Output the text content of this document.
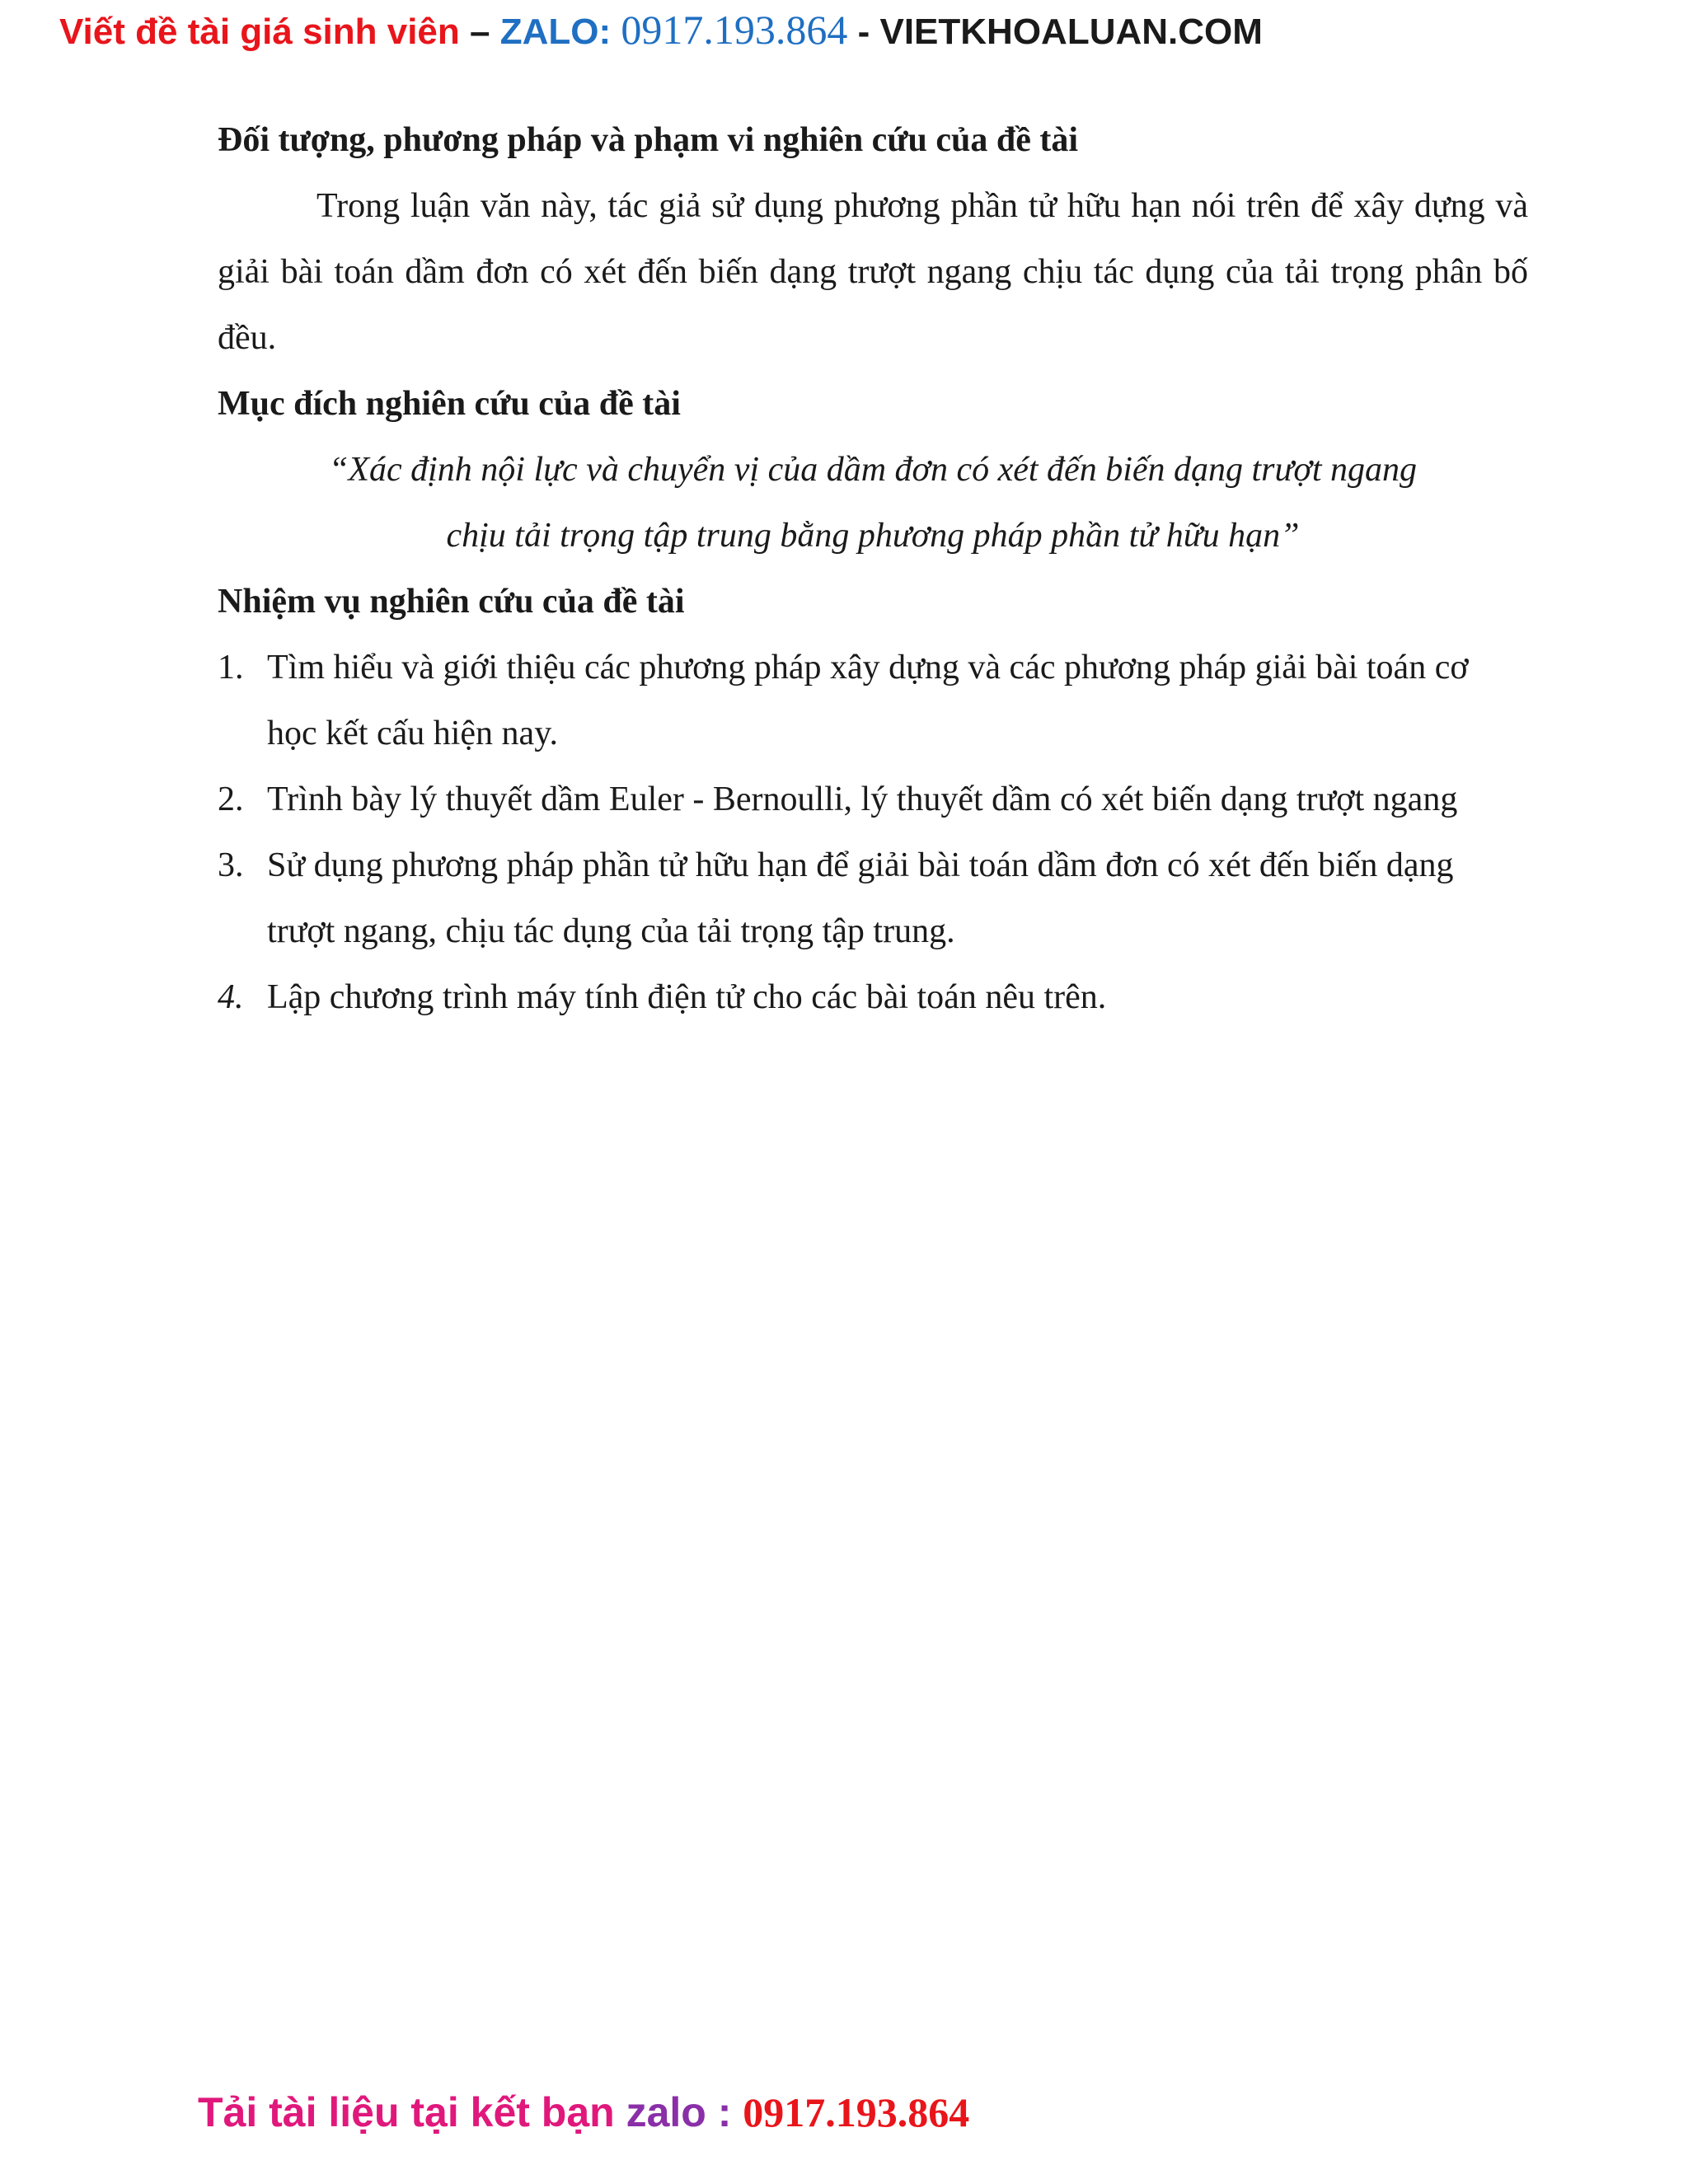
Viết đề tài giá sinh viên – ZALO: 0917.193.864 - VIETKHOALUAN.COM
Đối tượng, phương pháp và phạm vi nghiên cứu của đề tài
Trong luận văn này, tác giả sử dụng phương phần tử hữu hạn nói trên để xây dựng và giải bài toán dầm đơn có xét đến biến dạng trượt ngang chịu tác dụng của tải trọng phân bố đều.
Mục đích nghiên cứu của đề tài
“Xác định nội lực và chuyển vị của dầm đơn có xét đến biến dạng trượt ngang
chịu tải trọng tập trung bằng phương pháp phần tử hữu hạn”
Nhiệm vụ nghiên cứu của đề tài
1. Tìm hiểu và giới thiệu các phương pháp xây dựng và các phương pháp giải bài toán cơ học kết cấu hiện nay.
2. Trình bày lý thuyết dầm Euler - Bernoulli, lý thuyết dầm có xét biến dạng trượt ngang
3. Sử dụng phương pháp phần tử hữu hạn để giải bài toán dầm đơn có xét đến biến dạng trượt ngang, chịu tác dụng của tải trọng tập trung.
4. Lập chương trình máy tính điện tử cho các bài toán nêu trên.
Tải tài liệu tại kết bạn zalo : 0917.193.864
